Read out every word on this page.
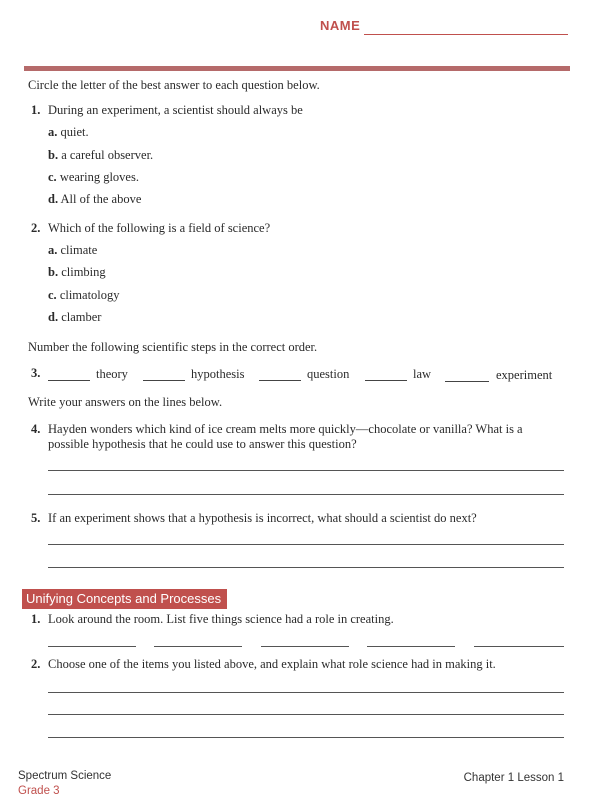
NAME
Circle the letter of the best answer to each question below.
1. During an experiment, a scientist should always be
a. quiet.
b. a careful observer.
c. wearing gloves.
d. All of the above
2. Which of the following is a field of science?
a. climate
b. climbing
c. climatology
d. clamber
Number the following scientific steps in the correct order.
3.	theory	hypothesis	question	law	experiment
Write your answers on the lines below.
4. Hayden wonders which kind of ice cream melts more quickly—chocolate or vanilla? What is a
possible hypothesis that he could use to answer this question?
5. If an experiment shows that a hypothesis is incorrect, what should a scientist do next?
Unifying Concepts and Processes
1. Look around the room. List five things science had a role in creating.
2. Choose one of the items you listed above, and explain what role science had in making it.
Spectrum Science
Grade 3
Chapter 1 Lesson 1
